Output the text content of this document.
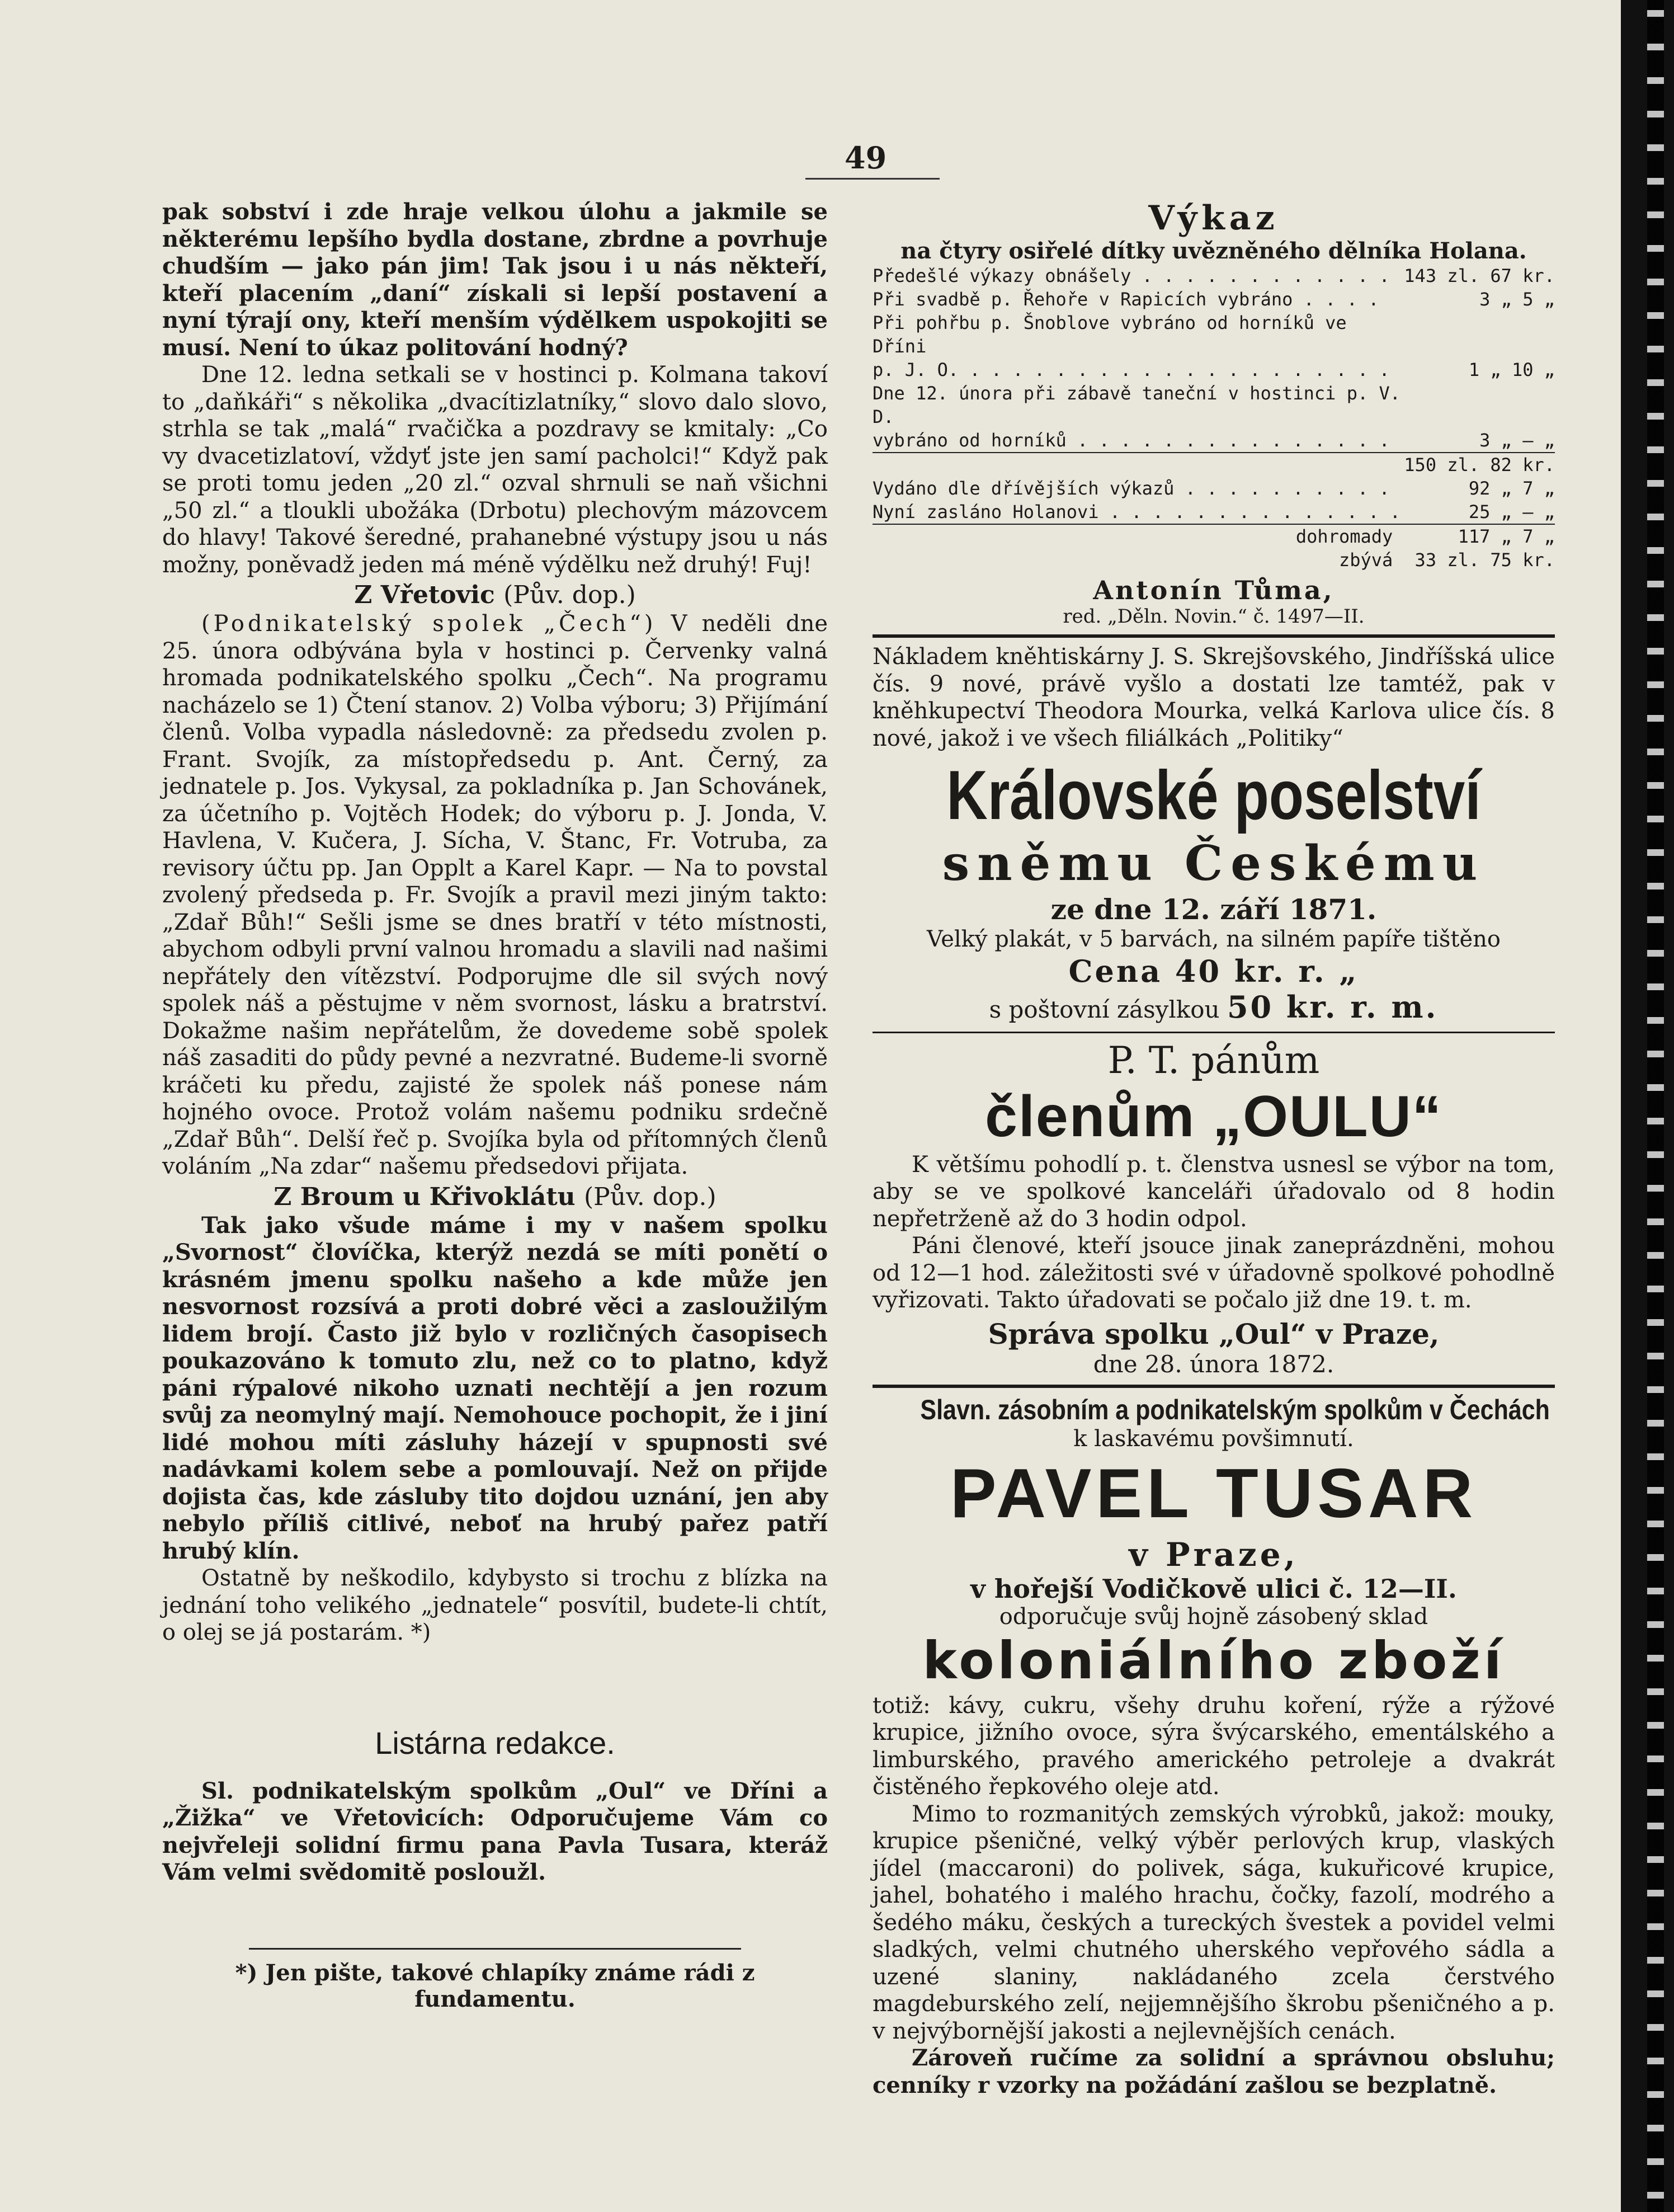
49

pak sobství i zde hraje velkou úlohu a jakmile se některému lepšího bydla dostane, zbrdne a povrhuje chudším — jako pán jim! Tak jsou i u nás někteří, kteří placením „daní“ získali si lepší postavení a nyní týrají ony, kteří menším výdělkem uspokojiti se musí. Není to úkaz politování hodný?

Dne 12. ledna setkali se v hostinci p. Kolmana takoví to „daňkáři“ s několika „dvacítizlatníky,“ slovo dalo slovo, strhla se tak „malá“ rvačička a pozdravy se kmitaly: „Co vy dvacetizlatoví, vždyť jste jen samí pacholci!“ Když pak se proti tomu jeden „20 zl.“ ozval shrnuli se naň všichni „50 zl.“ a tloukli ubožáka (Drbotu) plechovým mázovcem do hlavy! Takové šeredné, prahanebné výstupy jsou u nás možny, poněvadž jeden má méně výdělku než druhý! Fuj!

Z Vřetovic (Pův. dop.)

(Podnikatelský spolek „Čech“) V neděli dne 25. února odbývána byla v hostinci p. Červenky valná hromada podnikatelského spolku „Čech“. Na programu nacházelo se 1) Čtení stanov. 2) Volba výboru; 3) Přijímání členů. Volba vypadla následovně: za předsedu zvolen p. Frant. Svojík, za místopředsedu p. Ant. Černý, za jednatele p. Jos. Vykysal, za pokladníka p. Jan Schovánek, za účetního p. Vojtěch Hodek; do výboru p. J. Jonda, V. Havlena, V. Kučera, J. Sícha, V. Štanc, Fr. Votruba, za revisory účtu pp. Jan Opplt a Karel Kapr. — Na to povstal zvolený předseda p. Fr. Svojík a pravil mezi jiným takto: „Zdař Bůh!“ Sešli jsme se dnes bratří v této místnosti, abychom odbyli první valnou hromadu a slavili nad našimi nepřátely den vítězství. Podporujme dle sil svých nový spolek náš a pěstujme v něm svornost, lásku a bratrství. Dokažme našim nepřátelům, že dovedeme sobě spolek náš zasaditi do půdy pevné a nezvratné. Budeme-li svorně kráčeti ku předu, zajisté že spolek náš ponese nám hojného ovoce. Protož volám našemu podniku srdečně „Zdař Bůh“. Delší řeč p. Svojíka byla od přítomných členů voláním „Na zdar“ našemu předsedovi přijata.

Z Broum u Křivoklátu (Pův. dop.)

Tak jako všude máme i my v našem spolku „Svornost“ človíčka, kterýž nezdá se míti ponětí o krásném jmenu spolku našeho a kde může jen nesvornost rozsívá a proti dobré věci a zasloužilým lidem brojí. Často již bylo v rozličných časopisech poukazováno k tomuto zlu, než co to platno, když páni rýpalové nikoho uznati nechtějí a jen rozum svůj za neomylný mají. Nemohouce pochopit, že i jiní lidé mohou míti zásluhy házejí v spupnosti své nadávkami kolem sebe a pomlouvají. Než on přijde dojista čas, kde zásluby tito dojdou uznání, jen aby nebylo příliš citlivé, neboť na hrubý pařez patří hrubý klín.

Ostatně by neškodilo, kdybysto si trochu z blízka na jednání toho velikého „jednatele“ posvítil, budete-li chtít, o olej se já postarám. *)

Listárna redakce.

Sl. podnikatelským spolkům „Oul“ ve Dříni a „Žižka“ ve Vřetovicích: Odporučujeme Vám co nejvřeleji solidní firmu pana Pavla Tusara, kteráž Vám velmi svědomitě posloužl.

*) Jen pište, takové chlapíky známe rádi z fundamentu.
Výkaz
na čtyry osiřelé dítky uvězněného dělníka Holana.
Předešlé výkazy obnášely . . . . . . . . . . . .	143 zl. 67 kr.
Při svadbě p. Řehoře v Rapicích vybráno . . . .	3 „ 5 „
Při pohřbu p. Šnoblove vybráno od horníků ve Dříni	
p. J. O. . . . . . . . . . . . . . . . . . . . .	1 „ 10 „
Dne 12. února při zábavě taneční v hostinci p. V. D.	
vybráno od horníků . . . . . . . . . . . . . . .	3 „ — „
	150 zl. 82 kr.
Vydáno dle dřívějších výkazů . . . . . . . . . .	92 „ 7 „
Nyní zasláno Holanovi . . . . . . . . . . . . . .	25 „ — „
dohromady	117 „ 7 „
zbývá	33 zl. 75 kr.
Antonín Tůma,
red. „Děln. Novin.“ č. 1497—II.

Nákladem kněhtiskárny J. S. Skrejšovského, Jindříšská ulice čís. 9 nové, právě vyšlo a dostati lze tamtéž, pak v kněhkupectví Theodora Mourka, velká Karlova ulice čís. 8 nové, jakož i ve všech filiálkách „Politiky“

Královské poselství
sněmu Českému
ze dne 12. září 1871.

Velký plakát, v 5 barvách, na silném papíře tištěno

Cena 40 kr. r. „
s poštovní zásylkou 50 kr. r. m.
P. T. pánům
členům „OULU“

K většímu pohodlí p. t. členstva usnesl se výbor na tom, aby se ve spolkové kanceláři úřadovalo od 8 hodin nepřetrženě až do 3 hodin odpol.

Páni členové, kteří jsouce jinak zaneprázdněni, mohou od 12—1 hod. záležitosti své v úřadovně spolkové pohodlně vyřizovati. Takto úřadovati se počalo již dne 19. t. m.

Správa spolku „Oul“ v Praze,
dne 28. února 1872.
Slavn. zásobním a podnikatelským spolkům v Čechách
k laskavému povšimnutí.
PAVEL TUSAR
v Praze,
v hořejší Vodičkově ulici č. 12—II.
odporučuje svůj hojně zásobený sklad
koloniálního zboží

totiž: kávy, cukru, všehy druhu koření, rýže a rýžové krupice, jižního ovoce, sýra švýcarského, ementálského a limburského, pravého amerického petroleje a dvakrát čistěného řepkového oleje atd.

Mimo to rozmanitých zemských výrobků, jakož: mouky, krupice pšeničné, velký výběr perlových krup, vlaských jídel (maccaroni) do polivek, sága, kukuřicové krupice, jahel, bohatého i malého hrachu, čočky, fazolí, modrého a šedého máku, českých a tureckých švestek a povidel velmi sladkých, velmi chutného uherského vepřového sádla a uzené slaniny, nakládaného zcela čerstvého magdeburského zelí, nejjemnějšího škrobu pšeničného a p. v nejvýbornější jakosti a nejlevnějších cenách.

Zároveň ručíme za solidní a správnou obsluhu; cenníky r vzorky na požádání zašlou se bezplatně.
